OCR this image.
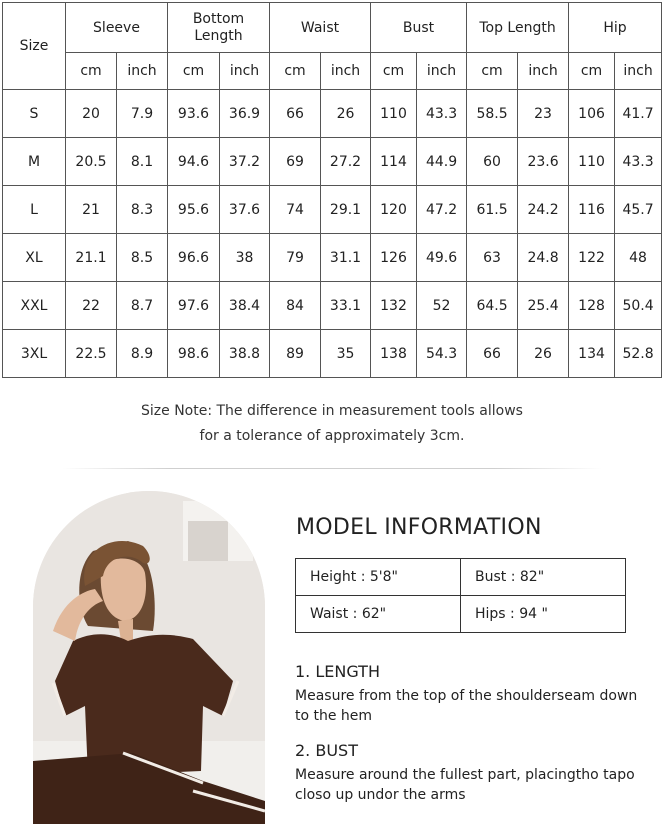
Size	Sleeve		Bottom Length		Waist		Bust		Top Length		Hip	
	cm	inch	cm	inch	cm	inch	cm	inch	cm	inch	cm	inch
S	20	7.9	93.6	36.9	66	26	110	43.3	58.5	23	106	41.7
M	20.5	8.1	94.6	37.2	69	27.2	114	44.9	60	23.6	110	43.3
L	21	8.3	95.6	37.6	74	29.1	120	47.2	61.5	24.2	116	45.7
XL	21.1	8.5	96.6	38	79	31.1	126	49.6	63	24.8	122	48
XXL	22	8.7	97.6	38.4	84	33.1	132	52	64.5	25.4	128	50.4
3XL	22.5	8.9	98.6	38.8	89	35	138	54.3	66	26	134	52.8
Size Note: The difference in measurement tools allows
for a tolerance of approximately 3cm.
MODEL INFORMATION
Height : 5'8"	Bust : 82"
Waist : 62"	Hips : 94 "
1. LENGTH
Measure from the top of the shoulderseam down to the hem
2. BUST
Measure around the fullest part, placingtho tapo closo up undor the arms
